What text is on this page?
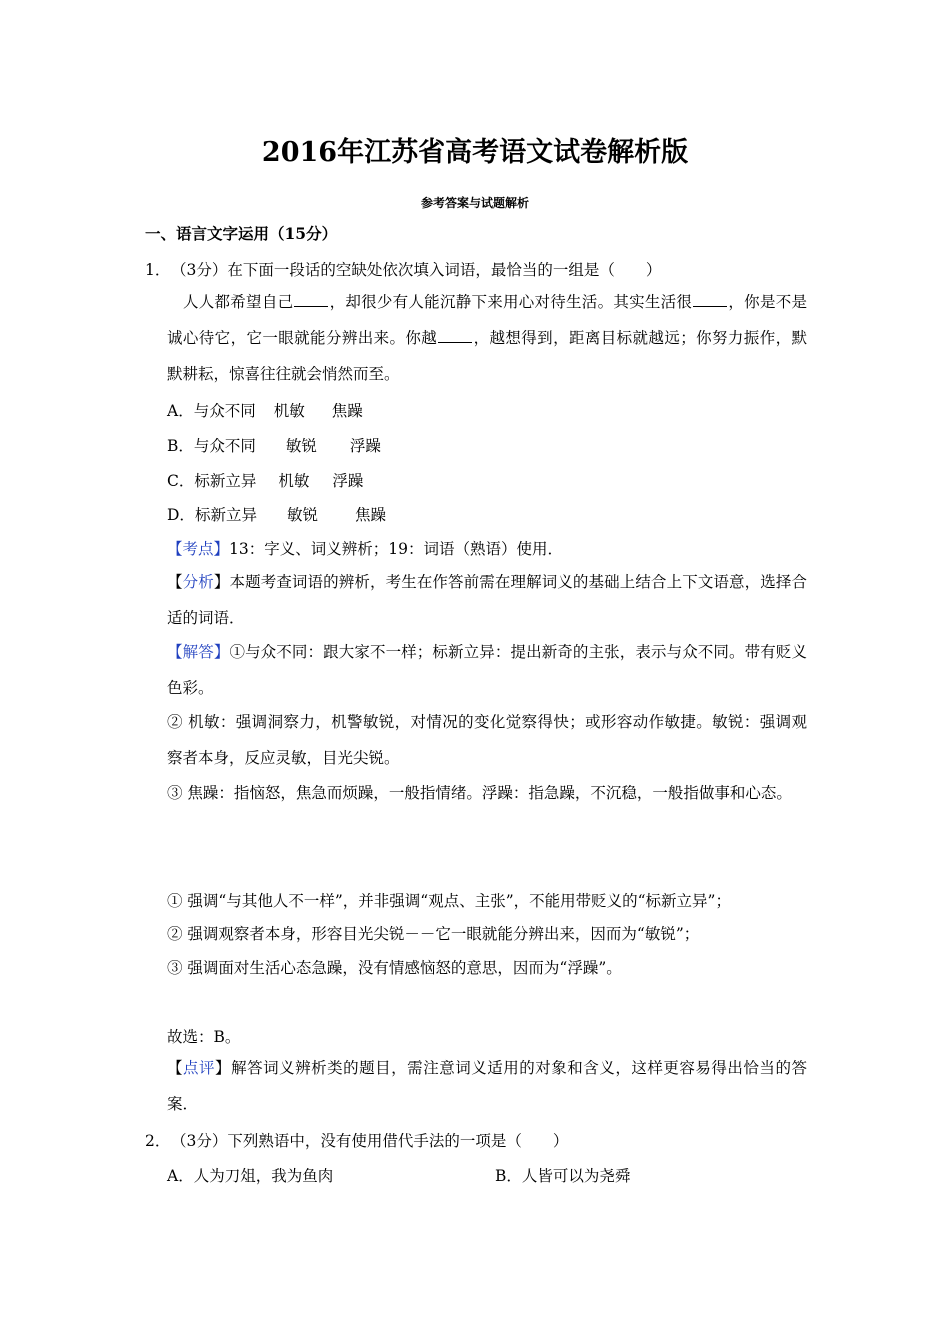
2016年江苏省高考语文试卷解析版
参考答案与试题解析
一、语言文字运用（15分）
1． （3分）在下面一段话的空缺处依次填入词语，最恰当的一组是（　　）
人人都希望自己 ，却很少有人能沉静下来用心对待生活。其实生活很 ，你是不是诚心待它，它一眼就能分辨出来。你越 ，越想得到，距离目标就越远；你努力振作，默默耕耘，惊喜往往就会悄然而至。
A．与众不同 机敏 焦躁
B．与众不同 敏锐 浮躁
C．标新立异 机敏 浮躁
D．标新立异 敏锐 焦躁
【考点】13：字义、词义辨析；19：词语（熟语）使用．
【分析】本题考查词语的辨析，考生在作答前需在理解词义的基础上结合上下文语意，选择合适的词语．
【解答】①与众不同：跟大家不一样；标新立异：提出新奇的主张，表示与众不同。带有贬义色彩。
② 机敏：强调洞察力，机警敏锐，对情况的变化觉察得快；或形容动作敏捷。敏锐：强调观察者本身，反应灵敏，目光尖锐。
③ 焦躁：指恼怒，焦急而烦躁，一般指情绪。浮躁：指急躁，不沉稳，一般指做事和心态。
① 强调“与其他人不一样”，并非强调“观点、主张”，不能用带贬义的“标新立异”；
② 强调观察者本身，形容目光尖锐－－它一眼就能分辨出来，因而为“敏锐”；
③ 强调面对生活心态急躁，没有情感恼怒的意思，因而为“浮躁”。
故选：B。
【点评】解答词义辨析类的题目，需注意词义适用的对象和含义，这样更容易得出恰当的答案．
2． （3分）下列熟语中，没有使用借代手法的一项是（　　）
A．人为刀俎，我为鱼肉	B．人皆可以为尧舜
